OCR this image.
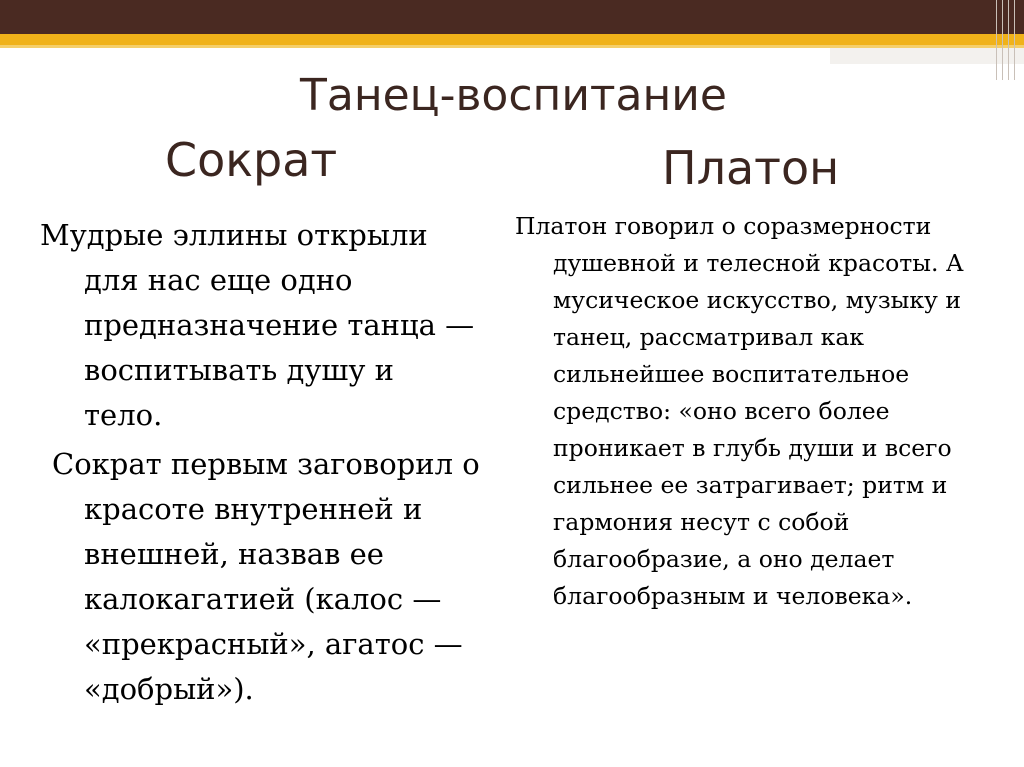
Танец-воспитание
Сократ	Платон

Мудрые эллины открыли для нас еще одно предназначение танца — воспитывать душу и тело.

Сократ первым заговорил о красоте внутренней и внешней, назвав ее калокагатией (калос — «прекрасный», агатос — «добрый»).

Платон говорил о соразмерности душевной и телесной красоты. А мусическое искусство, музыку и танец, рассматривал как сильнейшее воспитательное средство: «оно всего более проникает в глубь души и всего сильнее ее затрагивает; ритм и гармония несут с собой благообразие, а оно делает благообразным и человека».
